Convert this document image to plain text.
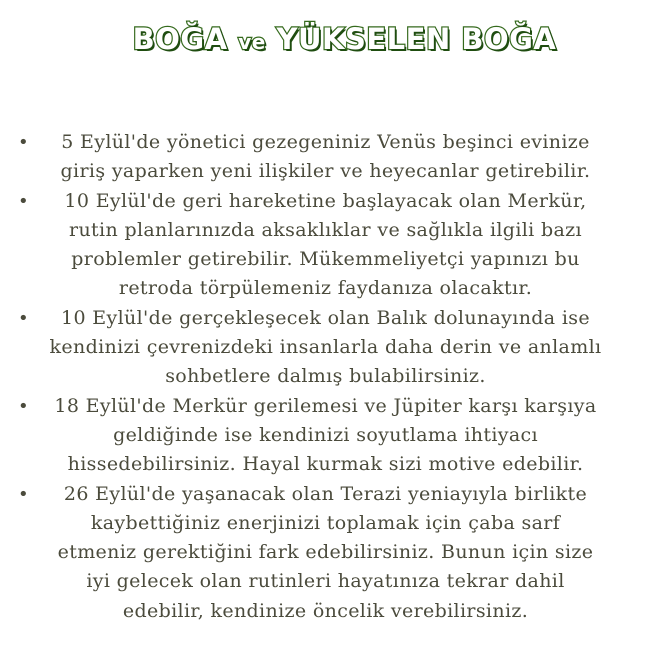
BOĞA ve YÜKSELEN BOĞA
• 5 Eylül'de yönetici gezegeniniz Venüs beşinci evinize
giriş yaparken yeni ilişkiler ve heyecanlar getirebilir.
• 10 Eylül'de geri hareketine başlayacak olan Merkür,
rutin planlarınızda aksaklıklar ve sağlıkla ilgili bazı
problemler getirebilir. Mükemmeliyetçi yapınızı bu
retroda törpülemeniz faydanıza olacaktır.
• 10 Eylül'de gerçekleşecek olan Balık dolunayında ise
kendinizi çevrenizdeki insanlarla daha derin ve anlamlı
sohbetlere dalmış bulabilirsiniz.
• 18 Eylül'de Merkür gerilemesi ve Jüpiter karşı karşıya
geldiğinde ise kendinizi soyutlama ihtiyacı
hissedebilirsiniz. Hayal kurmak sizi motive edebilir.
• 26 Eylül'de yaşanacak olan Terazi yeniayıyla birlikte
kaybettiğiniz enerjinizi toplamak için çaba sarf
etmeniz gerektiğini fark edebilirsiniz. Bunun için size
iyi gelecek olan rutinleri hayatınıza tekrar dahil
edebilir, kendinize öncelik verebilirsiniz.
